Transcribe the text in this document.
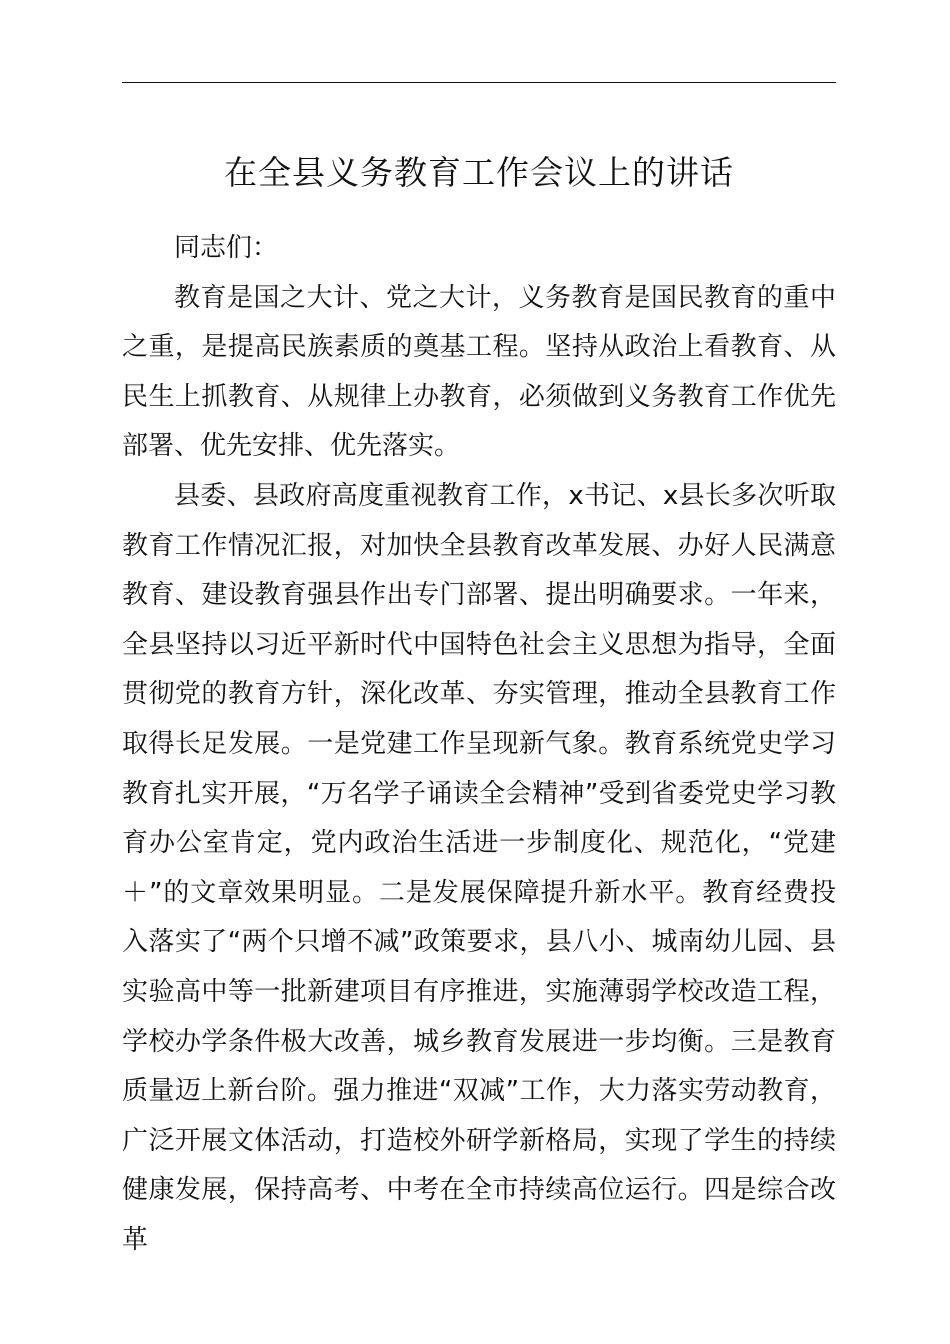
在全县义务教育工作会议上的讲话

同志们：

教育是国之大计、党之大计，义务教育是国民教育的重中之重，是提高民族素质的奠基工程。坚持从政治上看教育、从民生上抓教育、从规律上办教育，必须做到义务教育工作优先部署、优先安排、优先落实。

县委、县政府高度重视教育工作，x书记、x县长多次听取教育工作情况汇报，对加快全县教育改革发展、办好人民满意教育、建设教育强县作出专门部署、提出明确要求。一年来，全县坚持以习近平新时代中国特色社会主义思想为指导，全面贯彻党的教育方针，深化改革、夯实管理，推动全县教育工作取得长足发展。一是党建工作呈现新气象。教育系统党史学习教育扎实开展，“万名学子诵读全会精神”受到省委党史学习教育办公室肯定，党内政治生活进一步制度化、规范化，“党建＋”的文章效果明显。二是发展保障提升新水平。教育经费投入落实了“两个只增不减”政策要求，县八小、城南幼儿园、县实验高中等一批新建项目有序推进，实施薄弱学校改造工程，学校办学条件极大改善，城乡教育发展进一步均衡。三是教育质量迈上新台阶。强力推进“双减”工作，大力落实劳动教育，广泛开展文体活动，打造校外研学新格局，实现了学生的持续健康发展，保持高考、中考在全市持续高位运行。四是综合改革
